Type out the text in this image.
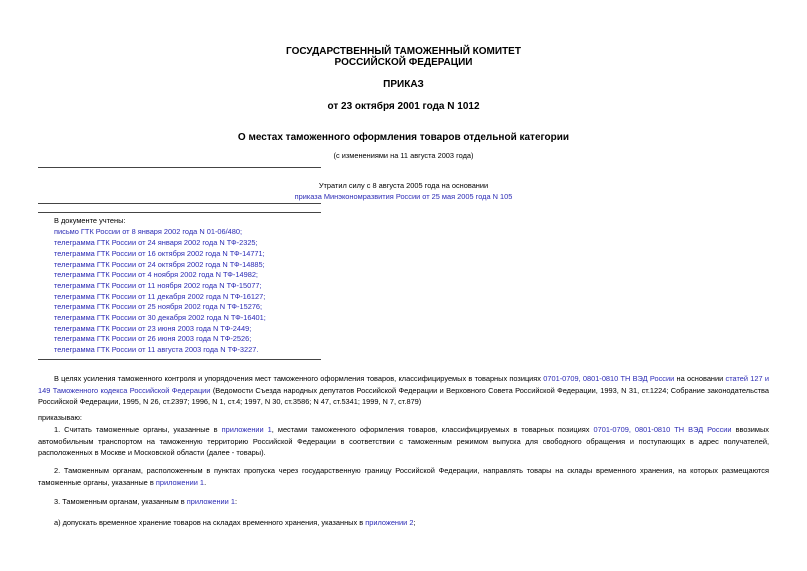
ГОСУДАРСТВЕННЫЙ ТАМОЖЕННЫЙ КОМИТЕТ
РОССИЙСКОЙ ФЕДЕРАЦИИ
ПРИКАЗ
от 23 октября 2001 года N 1012
О местах таможенного оформления товаров отдельной категории
(с изменениями на 11 августа 2003 года)
Утратил силу с 8 августа 2005 года на основании
приказа Минэкономразвития России от 25 мая 2005 года N 105
В документе учтены:
письмо ГТК России от 8 января 2002 года N 01-06/480;
телеграмма ГТК России от 24 января 2002 года N ТФ-2325;
телеграмма ГТК России от 16 октября 2002 года N ТФ-14771;
телеграмма ГТК России от 24 октября 2002 года N ТФ-14885;
телеграмма ГТК России от 4 ноября 2002 года N ТФ-14982;
телеграмма ГТК России от 11 ноября 2002 года N ТФ-15077;
телеграмма ГТК России от 11 декабря 2002 года N ТФ-16127;
телеграмма ГТК России от 25 ноября 2002 года N ТФ-15276;
телеграмма ГТК России от 30 декабря 2002 года N ТФ-16401;
телеграмма ГТК России от 23 июня 2003 года N ТФ-2449;
телеграмма ГТК России от 26 июня 2003 года N ТФ-2526;
телеграмма ГТК России от 11 августа 2003 года N ТФ-3227.
В целях усиления таможенного контроля и упорядочения мест таможенного оформления товаров, классифицируемых в товарных позициях 0701-0709, 0801-0810 ТН ВЭД России на основании статей 127 и 149 Таможенного кодекса Российской Федерации (Ведомости Съезда народных депутатов Российской Федерации и Верховного Совета Российской Федерации, 1993, N 31, ст.1224; Собрание законодательства Российской Федерации, 1995, N 26, ст.2397; 1996, N 1, ст.4; 1997, N 30, ст.3586; N 47, ст.5341; 1999, N 7, ст.879)
приказываю:
1. Считать таможенные органы, указанные в приложении 1, местами таможенного оформления товаров, классифицируемых в товарных позициях 0701-0709, 0801-0810 ТН ВЭД России ввозимых автомобильным транспортом на таможенную территорию Российской Федерации в соответствии с таможенным режимом выпуска для свободного обращения и поступающих в адрес получателей, расположенных в Москве и Московской области (далее - товары).
2. Таможенным органам, расположенным в пунктах пропуска через государственную границу Российской Федерации, направлять товары на склады временного хранения, на которых размещаются таможенные органы, указанные в приложении 1.
3. Таможенным органам, указанным в приложении 1:
а) допускать временное хранение товаров на складах временного хранения, указанных в приложении 2;
